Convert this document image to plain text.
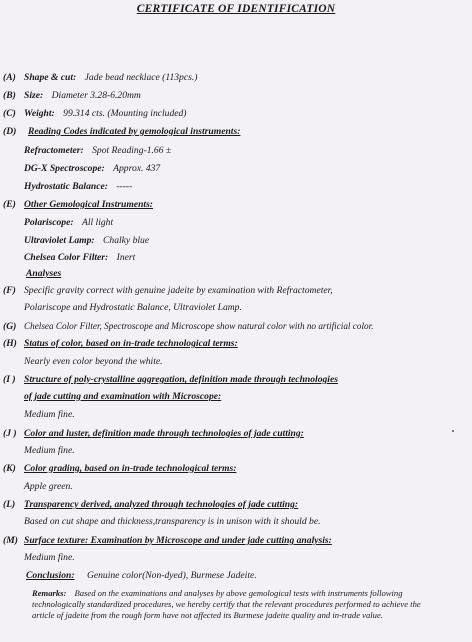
CERTIFICATE OF IDENTIFICATION
(A) Shape & cut: Jade bead necklace (113pcs.)
(B) Size: Diameter 3.28-6.20mm
(C) Weight: 99.314 cts. (Mounting included)
(D) Reading Codes indicated by gemological instruments:
Refractometer: Spot Reading-1.66 ±
DG-X Spectroscope: Approx. 437
Hydrostatic Balance: -----
(E) Other Gemological Instruments:
Polariscope: All light
Ultraviolet Lamp: Chalky blue
Chelsea Color Filter: Inert
Analyses
(F) Specific gravity correct with genuine jadeite by examination with Refractometer,
Polariscope and Hydrostatic Balance, Ultraviolet Lamp.
(G) Chelsea Color Filter, Spectroscope and Microscope show natural color with no artificial color.
(H) Status of color, based on in-trade technological terms:
Nearly even color beyond the white.
(I ) Structure of poly-crystalline aggregation, definition made through technologies
of jade cutting and examination with Microscope:
Medium fine.
(J ) Color and luster, definition made through technologies of jade cutting:
Medium fine.
(K) Color grading, based on in-trade technological terms:
Apple green.
(L) Transparency derived, analyzed through technologies of jade cutting:
Based on cut shape and thickness,transparency is in unison with it should be.
(M) Surface texture: Examination by Microscope and under jade cutting analysis:
Medium fine.
Conclusion: Genuine color(Non-dyed), Burmese Jadeite.
Remarks: Based on the examinations and analyses by above gemological tests with instruments following technologically standardized procedures, we hereby certify that the relevant procedures performed to achieve the article of jadeite from the rough form have not affected its Burmese jadeite quality and in-trade value.
